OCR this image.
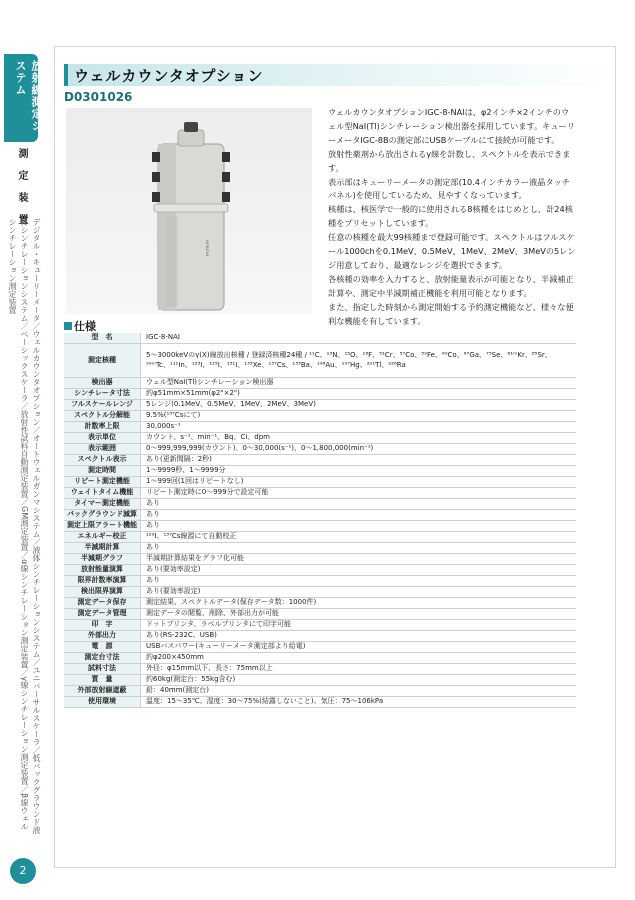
放射線測定システム
測定装置
デジタル・キューリーメータ／ウェルカウンタオプション／オートウェルガンマシステム／液体シンチレーションシステム／ユニバーサルスケーラ／低バックグラウンド液体シンチレーションシステム／ベーシックスケーラ／放射性試料自動測定装置／GM測定装置／α線シンチレーション測定装置／γ線シンチレーション測定装置／β線ウェルシンチレーション測定装置
2
ウェルカウンタオプション
D0301026
HITACHI

ウェルカウンタオプションIGC-8-NAIは、φ2インチ×2インチのウェル型NaI(Tl)シンチレーション検出器を採用しています。キューリーメータIGC-8Bの測定部にUSBケーブルにて接続が可能です。

放射性薬剤から放出されるγ線を計数し、スペクトルを表示できます。

表示部はキューリーメータの測定部(10.4インチカラー液晶タッチパネル)を使用しているため、見やすくなっています。

核種は、核医学で一般的に使用される8核種をはじめとし、計24核種をプリセットしています。

任意の核種を最大99核種まで登録可能です。スペクトルはフルスケール1000chを0.1MeV、0.5MeV、1MeV、2MeV、3MeVの5レンジ用意しており、最適なレンジを選択できます。

各核種の効率を入力すると、放射能量表示が可能となり、半減補正計算や、測定中半減期補正機能を利用可能となります。

また、指定した時刻から測定開始する予約測定機能など、様々な便利な機能を有しています。

仕様
型　名	IGC-8-NAI
測定核種	5～3000keVのγ(X)線放出核種 / 登録済核種24種 / ¹¹C、¹³N、¹⁵O、¹⁸F、⁵¹Cr、⁵⁷Co、⁵⁹Fe、⁶⁰Co、⁶⁷Ga、⁷⁵Se、⁸¹ᵐKr、⁸⁵Sr、⁹⁹ᵐTc、¹¹¹In、¹²³I、¹²⁵I、¹³¹I、¹³³Xe、¹³⁷Cs、¹³³Ba、¹⁹⁸Au、¹⁹⁷Hg、²⁰¹Tl、²²⁶Ra
検出器	ウェル型NaI(Tl)シンチレーション検出器
シンチレータ寸法	約φ51mm×51mm(φ2"×2")
フルスケールレンジ	5レンジ(0.1MeV、0.5MeV、1MeV、2MeV、3MeV)
スペクトル分解能	9.5%(¹³⁷Csにて)
計数率上限	30,000s⁻¹
表示単位	カウント、s⁻¹、min⁻¹、Bq、Ci、dpm
表示範囲	0～999,999,999(カウント)、0～30,000(s⁻¹)、0～1,800,000(min⁻¹)
スペクトル表示	あり(更新間隔：2秒)
測定時間	1～9999秒、1～9999分
リピート測定機能	1～999回(1回はリピートなし)
ウェイトタイム機能	リピート測定時に0～999分で設定可能
タイマー測定機能	あり
バックグラウンド減算	あり
測定上限アラート機能	あり
エネルギー校正	¹²⁹I、¹³⁷Cs線源にて自動校正
半減期計算	あり
半減期グラフ	半減期計算結果をグラフ化可能
放射能量演算	あり(要効率設定)
限界計数率演算	あり
検出限界演算	あり(要効率設定)
測定データ保存	測定結果、スペクトルデータ(保存データ数：1000件)
測定データ管理	測定データの閲覧、削除、外部出力が可能
印　字	ドットプリンタ、ラベルプリンタにて印字可能
外部出力	あり(RS-232C、USB)
電　源	USBバスパワー(キューリーメータ測定部より給電)
測定台寸法	約φ200×450mm
試料寸法	外径：φ15mm以下、長さ：75mm以上
質　量	約60kg(測定台：55kg含む)
外部放射線遮蔽	鉛：40mm(測定台)
使用環境	温度：15～35℃、湿度：30～75%(結露しないこと)、気圧：75～106kPa
